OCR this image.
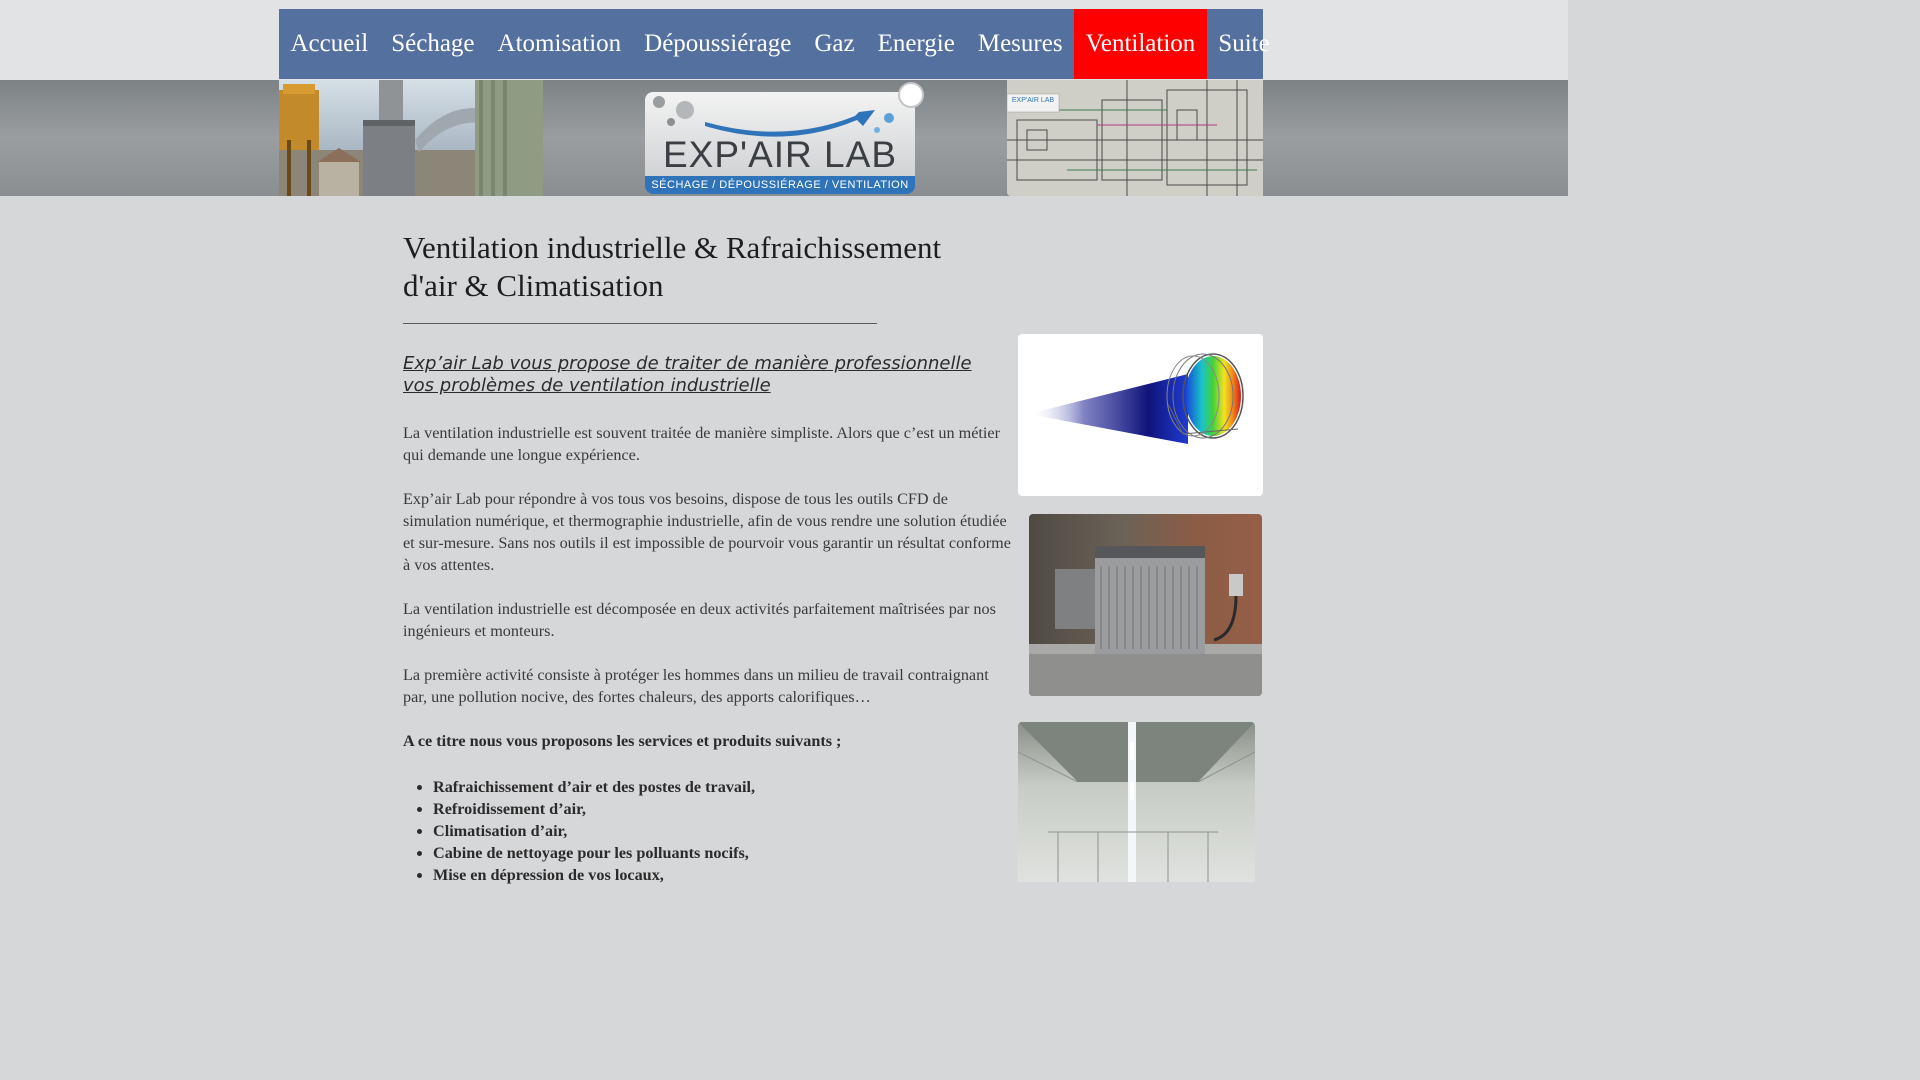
Accueil Séchage Atomisation Dépoussiérage Gaz Energie Mesures Ventilation Suite
EXP'AIR LAB
SÉCHAGE / DÉPOUSSIÉRAGE / VENTILATION
EXP'AIR LAB
Ventilation industrielle & Rafraichissement
d'air & Climatisation
Exp’air Lab vous propose de traiter de manière professionnelle
vos problèmes de ventilation industrielle

La ventilation industrielle est souvent traitée de manière simpliste. Alors que c’est un métier qui demande une longue expérience.

Exp’air Lab pour répondre à vos tous vos besoins, dispose de tous les outils CFD de simulation numérique, et thermographie industrielle, afin de vous rendre une solution étudiée et sur-mesure. Sans nos outils il est impossible de pourvoir vous garantir un résultat conforme à vos attentes.

La ventilation industrielle est décomposée en deux activités parfaitement maîtrisées par nos ingénieurs et monteurs.

La première activité consiste à protéger les hommes dans un milieu de travail contraignant par, une pollution nocive, des fortes chaleurs, des apports calorifiques…

A ce titre nous vous proposons les services et produits suivants ;

• Rafraichissement d’air et des postes de travail,
• Refroidissement d’air,
• Climatisation d’air,
• Cabine de nettoyage pour les polluants nocifs,
• Mise en dépression de vos locaux,
